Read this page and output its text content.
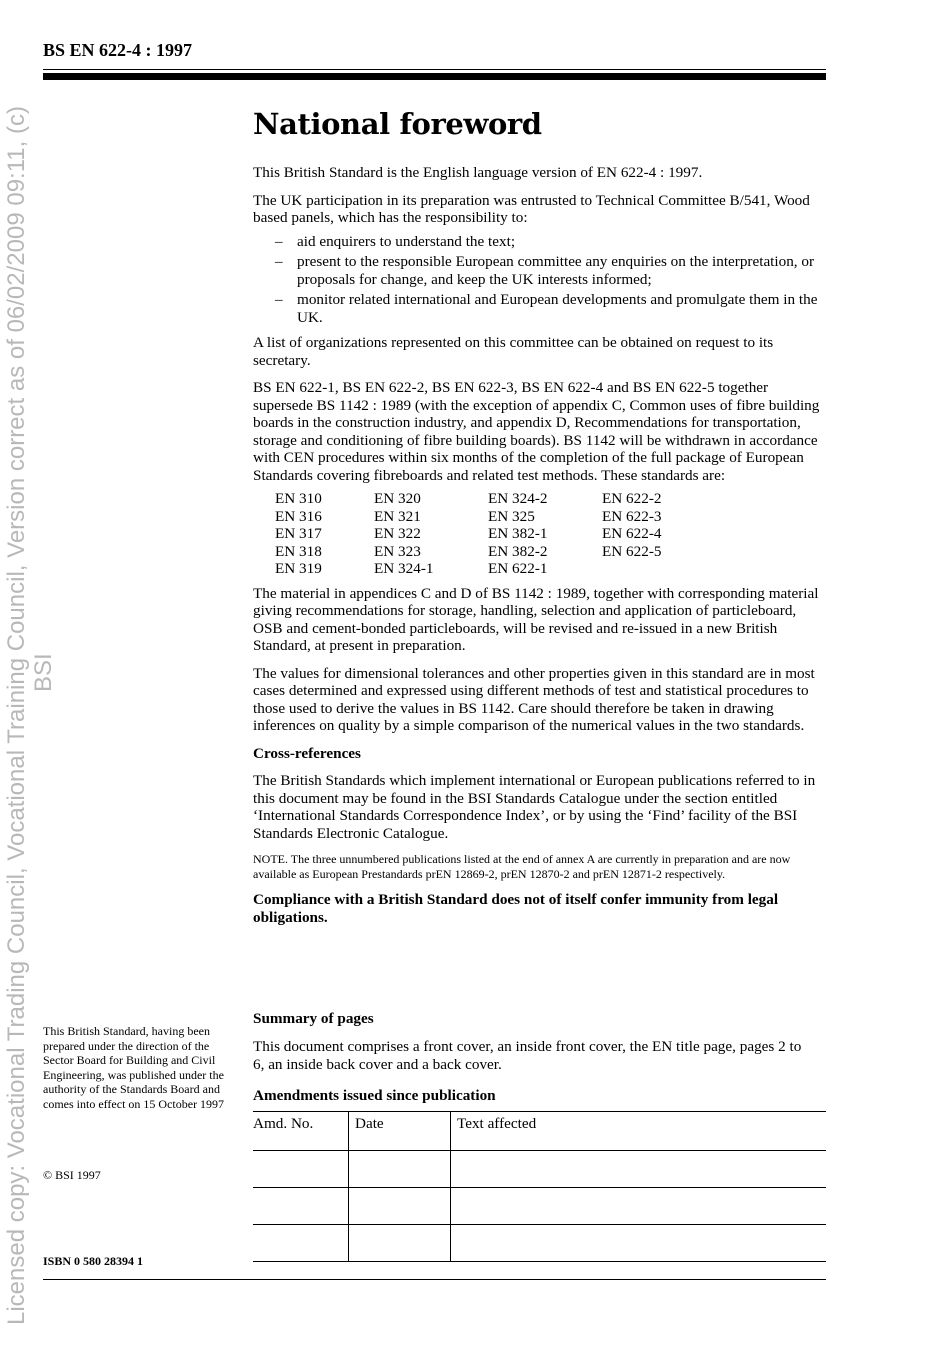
Licensed copy: Vocational Trading Council, Vocational Training Council, Version correct as of 06/02/2009 09:11, (c) BSI
BS EN 622-4 : 1997
National foreword

This British Standard is the English language version of EN 622-4 : 1997.

The UK participation in its preparation was entrusted to Technical Committee B/541, Wood based panels, which has the responsibility to:

– aid enquirers to understand the text;
– present to the responsible European committee any enquiries on the interpretation, or proposals for change, and keep the UK interests informed;
– monitor related international and European developments and promulgate them in the UK.

A list of organizations represented on this committee can be obtained on request to its secretary.

BS EN 622-1, BS EN 622-2, BS EN 622-3, BS EN 622-4 and BS EN 622-5 together supersede BS 1142 : 1989 (with the exception of appendix C, Common uses of fibre building boards in the construction industry, and appendix D, Recommendations for transportation, storage and conditioning of fibre building boards). BS 1142 will be withdrawn in accordance with CEN procedures within six months of the completion of the full package of European Standards covering fibreboards and related test methods. These standards are:

EN 310	EN 320	EN 324-2	EN 622-2
EN 316	EN 321	EN 325	EN 622-3
EN 317	EN 322	EN 382-1	EN 622-4
EN 318	EN 323	EN 382-2	EN 622-5
EN 319	EN 324-1	EN 622-1

The material in appendices C and D of BS 1142 : 1989, together with corresponding material giving recommendations for storage, handling, selection and application of particleboard, OSB and cement-bonded particleboards, will be revised and re-issued in a new British Standard, at present in preparation.

The values for dimensional tolerances and other properties given in this standard are in most cases determined and expressed using different methods of test and statistical procedures to those used to derive the values in BS 1142. Care should therefore be taken in drawing inferences on quality by a simple comparison of the numerical values in the two standards.

Cross-references

The British Standards which implement international or European publications referred to in this document may be found in the BSI Standards Catalogue under the section entitled ‘International Standards Correspondence Index’, or by using the ‘Find’ facility of the BSI Standards Electronic Catalogue.

NOTE. The three unnumbered publications listed at the end of annex A are currently in preparation and are now available as European Prestandards prEN 12869-2, prEN 12870-2 and prEN 12871-2 respectively.

Compliance with a British Standard does not of itself confer immunity from legal obligations.

Summary of pages

This document comprises a front cover, an inside front cover, the EN title page, pages 2 to 6, an inside back cover and a back cover.

Amendments issued since publication
Amd. No.	Date	Text affected

This British Standard, having been prepared under the direction of the Sector Board for Building and Civil Engineering, was published under the authority of the Standards Board and comes into effect on 15 October 1997

© BSI 1997

ISBN 0 580 28394 1
